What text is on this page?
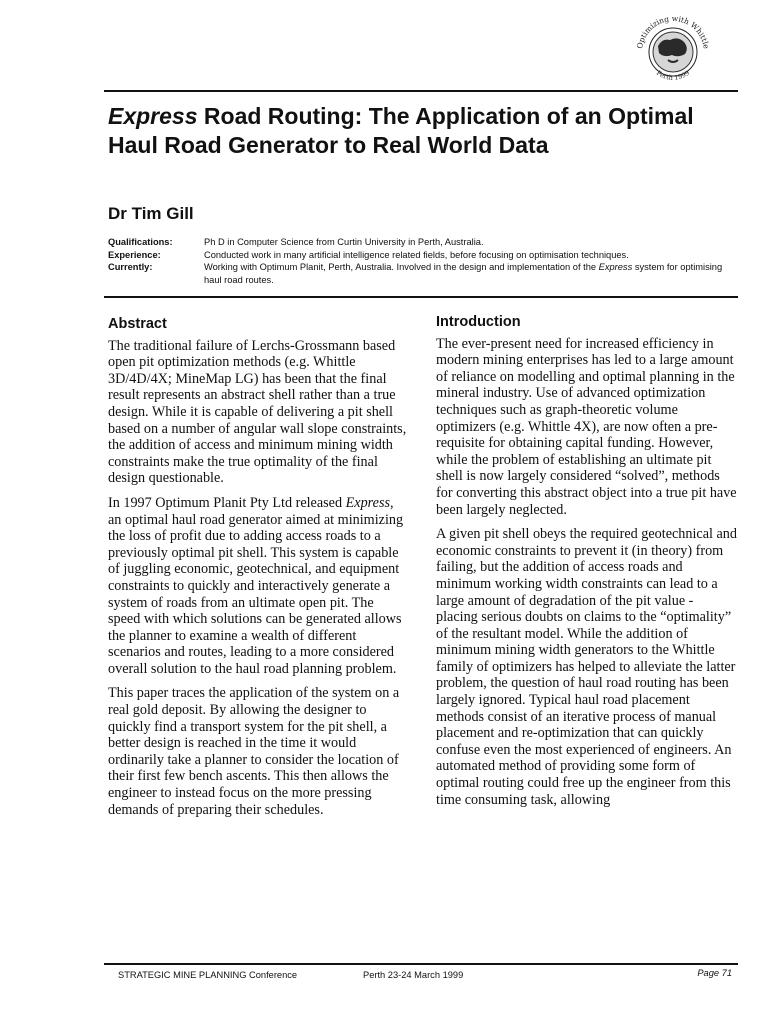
Optimizing with Whittle
Perth 1999
Express Road Routing: The Application of an Optimal Haul Road Generator to Real World Data
Dr Tim Gill
Qualifications:	Ph D in Computer Science from Curtin University in Perth, Australia.
Experience:	Conducted work in many artificial intelligence related fields, before focusing on optimisation techniques.
Currently:	Working with Optimum Planit, Perth, Australia. Involved in the design and implementation of the Express system for optimising haul road routes.
Abstract

The traditional failure of Lerchs-Grossmann based open pit optimization methods (e.g. Whittle 3D/4D/4X; MineMap LG) has been that the final result represents an abstract shell rather than a true design. While it is capable of delivering a pit shell based on a number of angular wall slope constraints, the addition of access and minimum mining width constraints make the true optimality of the final design questionable.

In 1997 Optimum Planit Pty Ltd released Express, an optimal haul road generator aimed at minimizing the loss of profit due to adding access roads to a previously optimal pit shell. This system is capable of juggling economic, geotechnical, and equipment constraints to quickly and interactively generate a system of roads from an ultimate open pit. The speed with which solutions can be generated allows the planner to examine a wealth of different scenarios and routes, leading to a more considered overall solution to the haul road planning problem.

This paper traces the application of the system on a real gold deposit. By allowing the designer to quickly find a transport system for the pit shell, a better design is reached in the time it would ordinarily take a planner to consider the location of their first few bench ascents. This then allows the engineer to instead focus on the more pressing demands of preparing their schedules.

Introduction

The ever-present need for increased efficiency in modern mining enterprises has led to a large amount of reliance on modelling and optimal planning in the mineral industry. Use of advanced optimization techniques such as graph-theoretic volume optimizers (e.g. Whittle 4X), are now often a pre-requisite for obtaining capital funding. However, while the problem of establishing an ultimate pit shell is now largely considered “solved”, methods for converting this abstract object into a true pit have been largely neglected.

A given pit shell obeys the required geotechnical and economic constraints to prevent it (in theory) from failing, but the addition of access roads and minimum working width constraints can lead to a large amount of degradation of the pit value - placing serious doubts on claims to the “optimality” of the resultant model. While the addition of minimum mining width generators to the Whittle family of optimizers has helped to alleviate the latter problem, the question of haul road routing has been largely ignored. Typical haul road placement methods consist of an iterative process of manual placement and re-optimization that can quickly confuse even the most experienced of engineers. An automated method of providing some form of optimal routing could free up the engineer from this time consuming task, allowing

STRATEGIC MINE PLANNING Conference	Perth 23-24 March 1999	Page 71
